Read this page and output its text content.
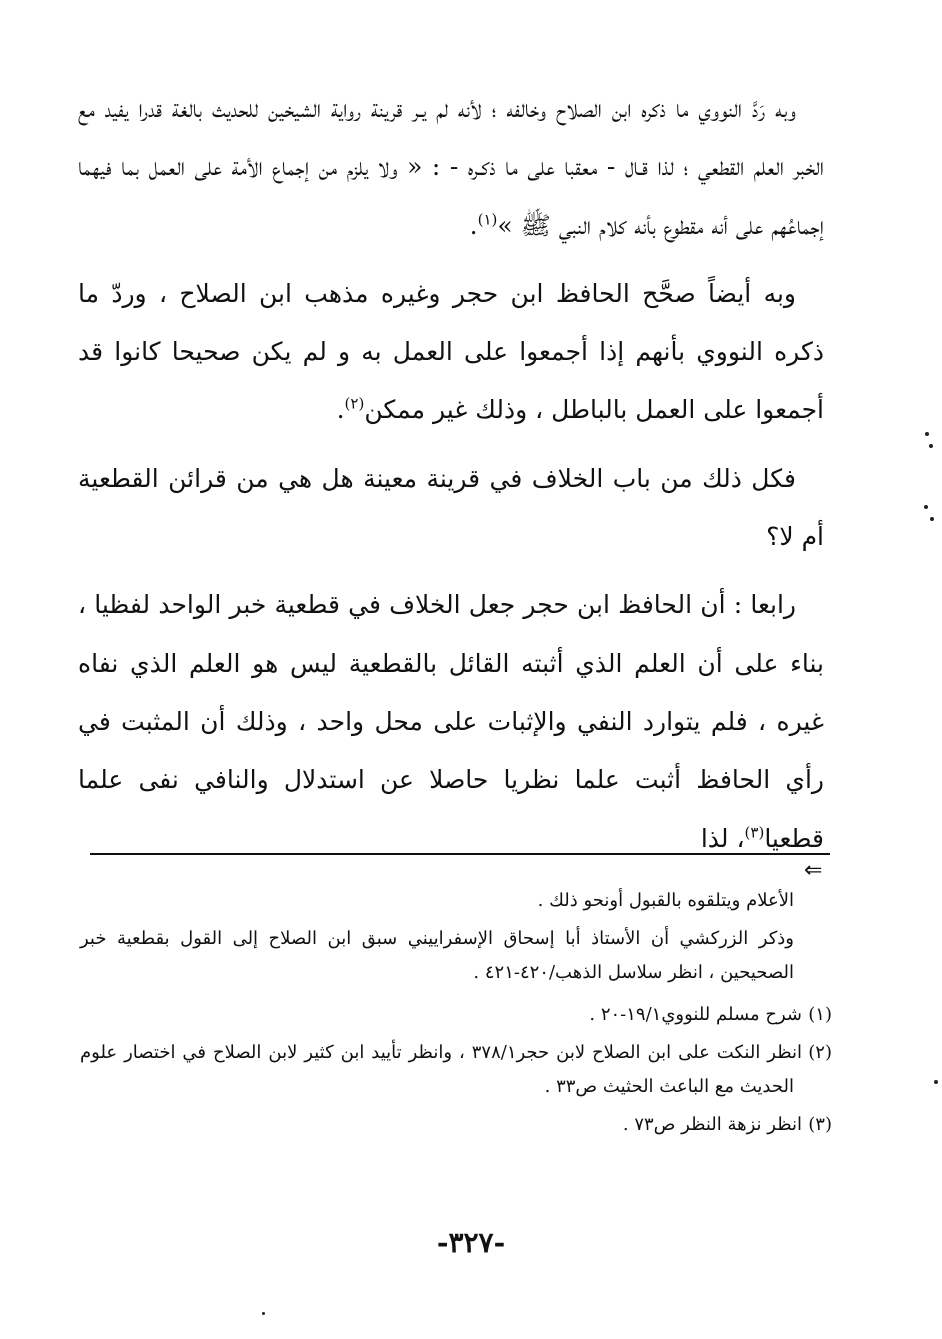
وبه رَدَّ النووي ما ذكره ابن الصلاح وخالفه ؛ لأنه لم يـر قرينة رواية الشيخين للحديث بالغة قدرا يفيد مع الخبر العلم القطعي ؛ لذا قـال - معقبا على ما ذكـره - : « ولا يلزم من إجماع الأمة على العمل بما فيهما إجماعُهم على أنه مقطوع بأنه كلام النبي ﷺ »$^{(١)}$.

وبه أيضاً صحَّح الحافظ ابن حجر وغيره مذهب ابن الصلاح ، وردّ ما ذكره النووي بأنهم إذا أجمعوا على العمل به و لم يكن صحيحا كانوا قد أجمعوا على العمل بالباطل ، وذلك غير ممكن$^{(٢)}$.

فكل ذلك من باب الخلاف في قرينة معينة هل هي من قرائن القطعية أم لا؟

رابعا : أن الحافظ ابن حجر جعل الخلاف في قطعية خبر الواحد لفظيا ، بناء على أن العلم الذي أثبته القائل بالقطعية ليس هو العلم الذي نفاه غيره ، فلم يتوارد النفي والإثبات على محل واحد ، وذلك أن المثبت في رأي الحافظ أثبت علما نظريا حاصلا عن استدلال والنافي نفى علما قطعيا$^{(٣)}$، لذا

⇐

الأعلام ويتلقوه بالقبول أونحو ذلك .

وذكر الزركشي أن الأستاذ أبا إسحاق الإسفراييني سبق ابن الصلاح إلى القول بقطعية خبر الصحيحين ، انظر سلاسل الذهب/٤٢٠-٤٢١ .

(١)شرح مسلم للنووي١٩/١-٢٠ .

(٢)انظر النكت على ابن الصلاح لابن حجر٣٧٨/١ ، وانظر تأييد ابن كثير لابن الصلاح في اختصار علوم الحديث مع الباعث الحثيث ص٣٣ .

(٣)انظر نزهة النظر ص٧٣ .

-٣٢٧-
